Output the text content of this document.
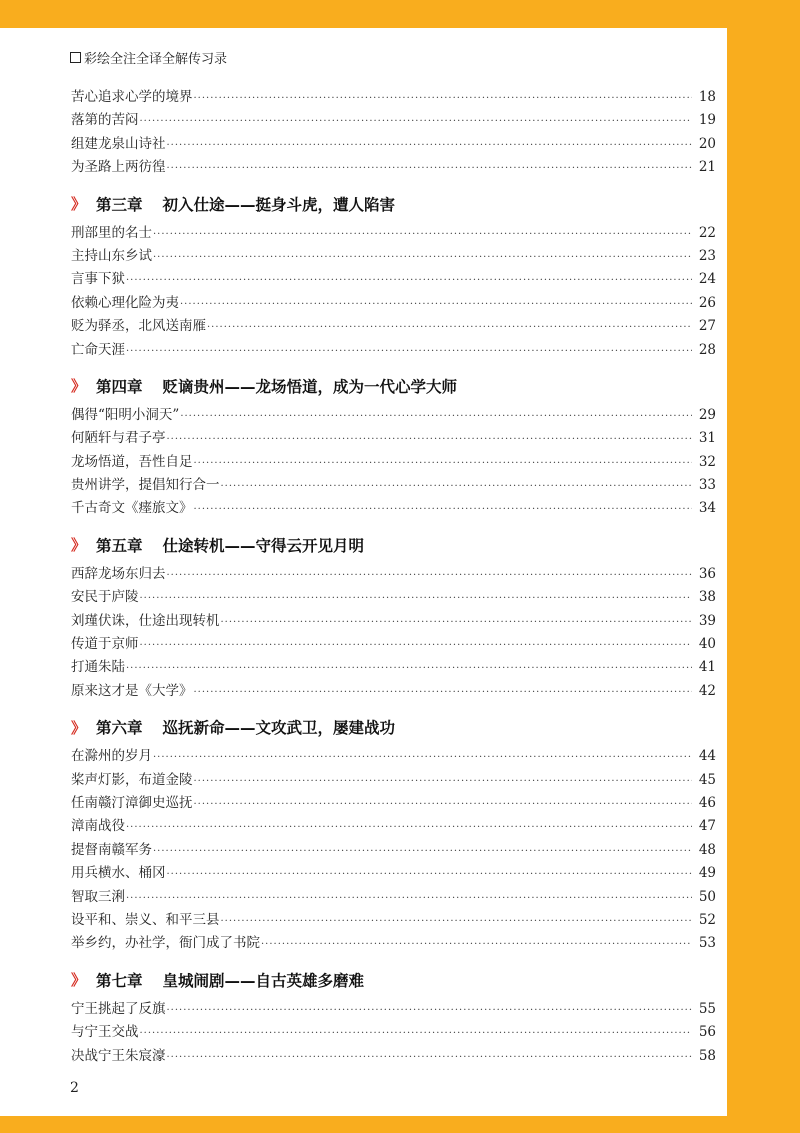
彩绘全注全译全解传习录
苦心追求心学的境界 ·····	18
落第的苦闷 ·····	19
组建龙泉山诗社 ·····	20
为圣路上两彷徨 ·····	21
》 第三章 初入仕途——挺身斗虎，遭人陷害
刑部里的名士 ·····	22
主持山东乡试 ·····	23
言事下狱 ·····	24
依赖心理化险为夷 ·····	26
贬为驿丞，北风送南雁 ·····	27
亡命天涯 ·····	28
》 第四章 贬谪贵州——龙场悟道，成为一代心学大师
偶得“阳明小洞天” ·····	29
何陋轩与君子亭 ·····	31
龙场悟道，吾性自足 ·····	32
贵州讲学，提倡知行合一 ·····	33
千古奇文《瘗旅文》 ·····	34
》 第五章 仕途转机——守得云开见月明
西辞龙场东归去 ·····	36
安民于庐陵 ·····	38
刘瑾伏诛，仕途出现转机 ·····	39
传道于京师 ·····	40
打通朱陆 ·····	41
原来这才是《大学》 ·····	42
》 第六章 巡抚新命——文攻武卫，屡建战功
在滁州的岁月 ·····	44
桨声灯影，布道金陵 ·····	45
任南赣汀漳御史巡抚 ·····	46
漳南战役 ·····	47
提督南赣军务 ·····	48
用兵横水、桶冈 ·····	49
智取三浰 ·····	50
设平和、崇义、和平三县 ·····	52
举乡约，办社学，衙门成了书院 ·····	53
》 第七章 皇城闹剧——自古英雄多磨难
宁王挑起了反旗 ·····	55
与宁王交战 ·····	56
决战宁王朱宸濠 ·····	58
2
